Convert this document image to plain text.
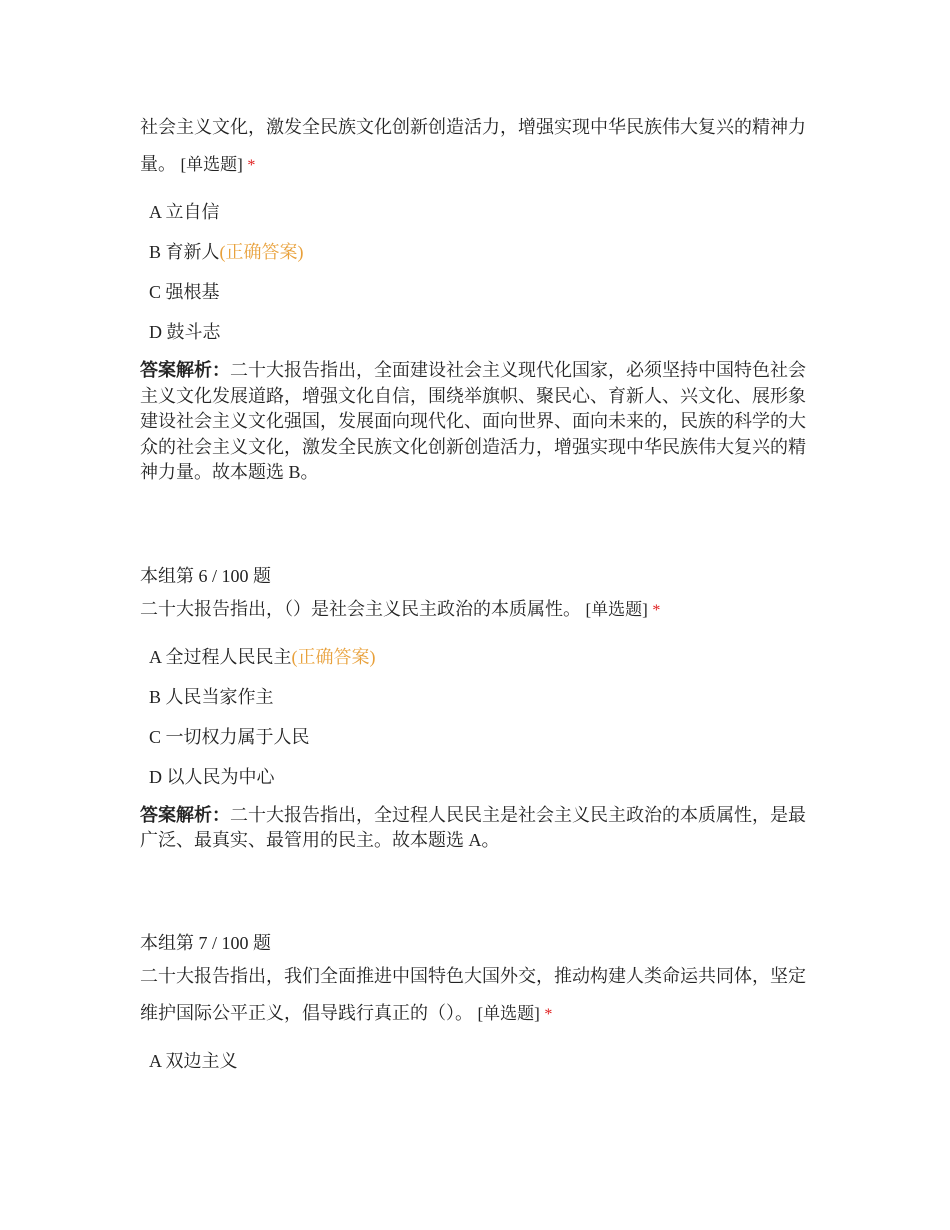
社会主义文化，激发全民族文化创新创造活力，增强实现中华民族伟大复兴的精神力量。 [单选题] *

A 立自信
B 育新人(正确答案)
C 强根基
D 鼓斗志

答案解析：二十大报告指出，全面建设社会主义现代化国家，必须坚持中国特色社会主义文化发展道路，增强文化自信，围绕举旗帜、聚民心、育新人、兴文化、展形象建设社会主义文化强国，发展面向现代化、面向世界、面向未来的，民族的科学的大众的社会主义文化，激发全民族文化创新创造活力，增强实现中华民族伟大复兴的精神力量。故本题选 B。

本组第 6 / 100 题

二十大报告指出，（）是社会主义民主政治的本质属性。 [单选题] *

A 全过程人民民主(正确答案)
B 人民当家作主
C 一切权力属于人民
D 以人民为中心

答案解析：二十大报告指出，全过程人民民主是社会主义民主政治的本质属性，是最广泛、最真实、最管用的民主。故本题选 A。

本组第 7 / 100 题

二十大报告指出，我们全面推进中国特色大国外交，推动构建人类命运共同体，坚定维护国际公平正义，倡导践行真正的（）。 [单选题] *

A 双边主义
